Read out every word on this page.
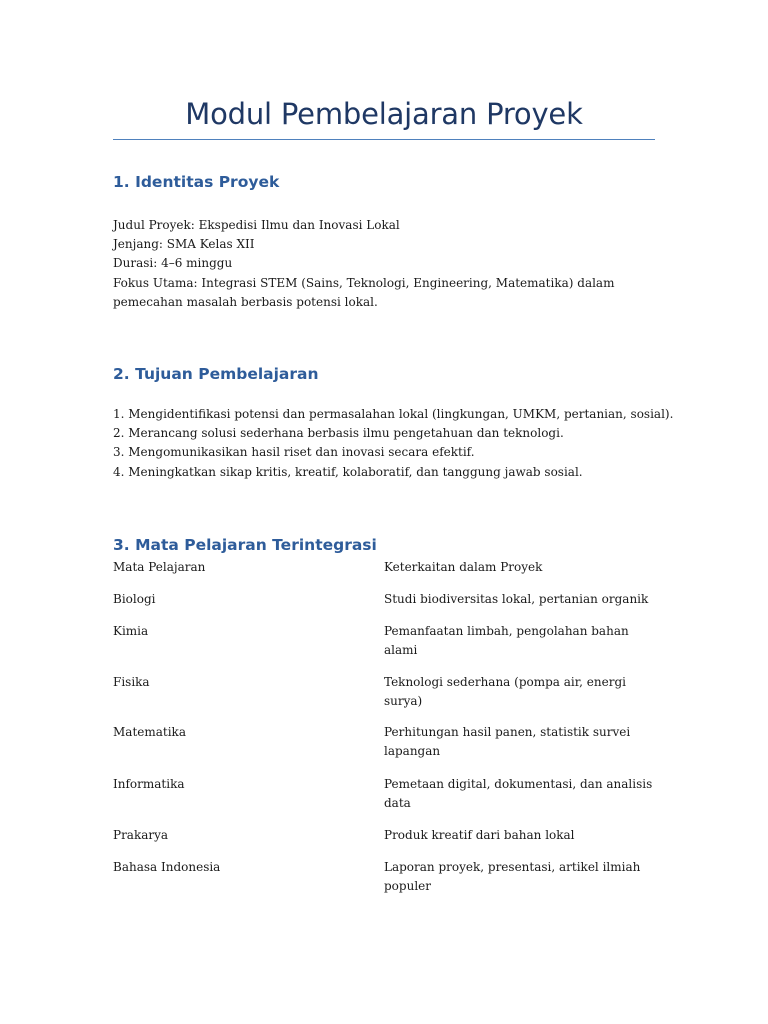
Modul Pembelajaran Proyek
1. Identitas Proyek
Judul Proyek: Ekspedisi Ilmu dan Inovasi Lokal
Jenjang: SMA Kelas XII
Durasi: 4–6 minggu
Fokus Utama: Integrasi STEM (Sains, Teknologi, Engineering, Matematika) dalam
pemecahan masalah berbasis potensi lokal.
2. Tujuan Pembelajaran
1. Mengidentifikasi potensi dan permasalahan lokal (lingkungan, UMKM, pertanian, sosial).
2. Merancang solusi sederhana berbasis ilmu pengetahuan dan teknologi.
3. Mengomunikasikan hasil riset dan inovasi secara efektif.
4. Meningkatkan sikap kritis, kreatif, kolaboratif, dan tanggung jawab sosial.
3. Mata Pelajaran Terintegrasi
Mata Pelajaran	Keterkaitan dalam Proyek
Biologi	Studi biodiversitas lokal, pertanian organik
Kimia	Pemanfaatan limbah, pengolahan bahan alami
Fisika	Teknologi sederhana (pompa air, energi surya)
Matematika	Perhitungan hasil panen, statistik survei lapangan
Informatika	Pemetaan digital, dokumentasi, dan analisis data
Prakarya	Produk kreatif dari bahan lokal
Bahasa Indonesia	Laporan proyek, presentasi, artikel ilmiah populer
